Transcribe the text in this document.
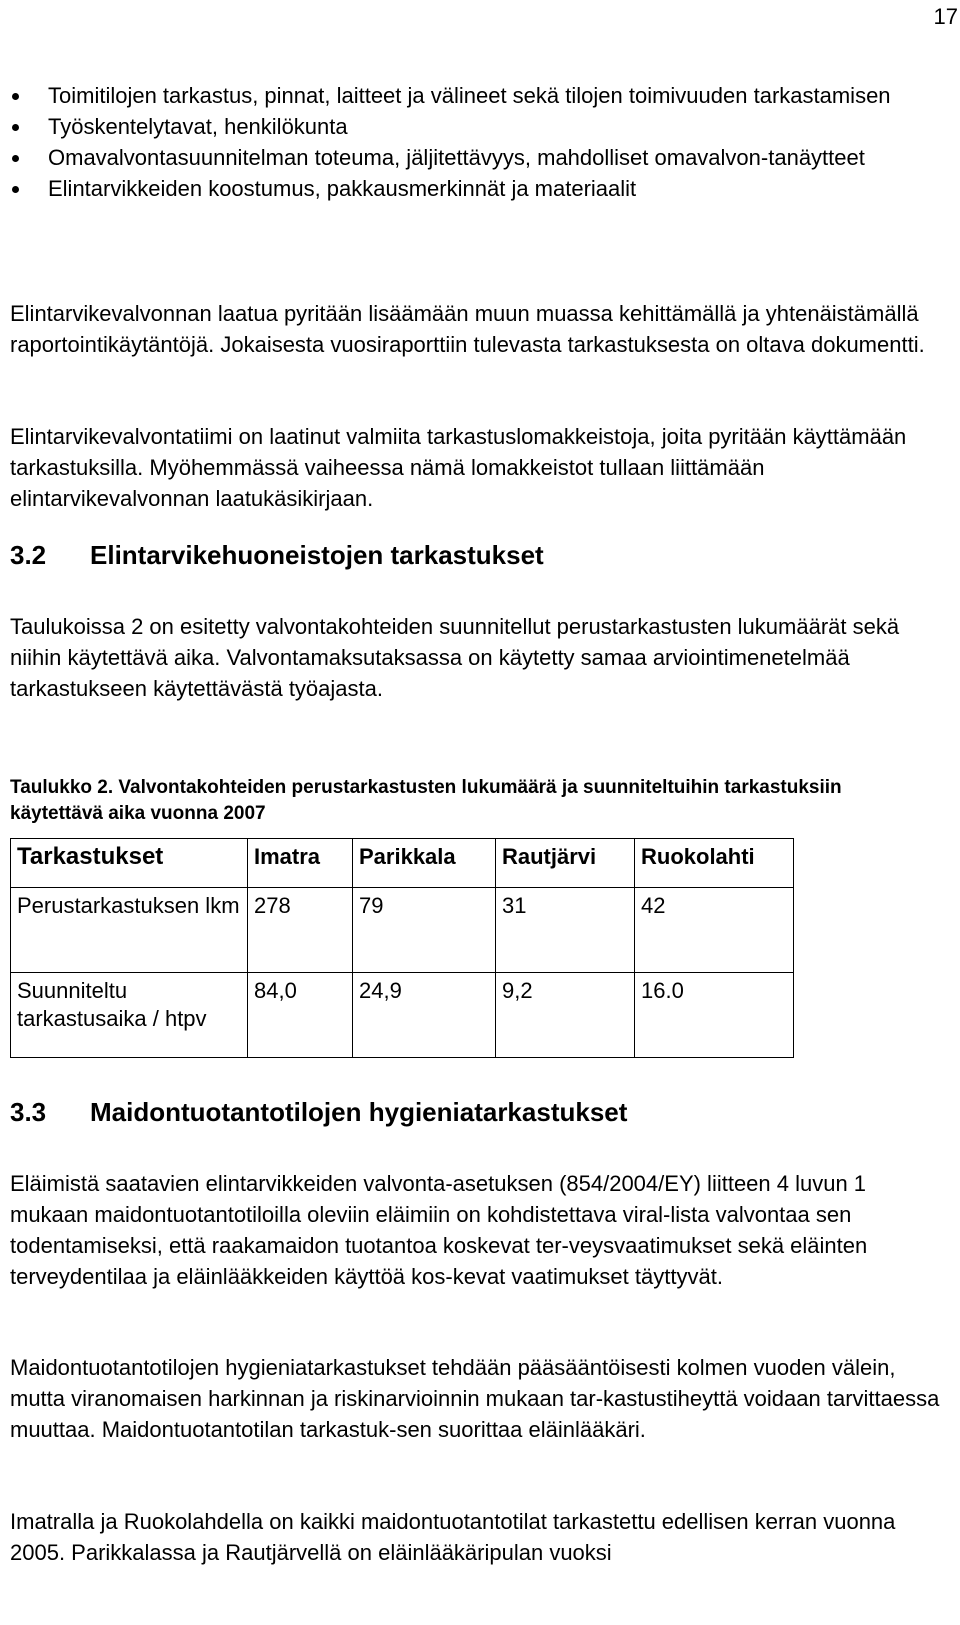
17
Toimitilojen tarkastus, pinnat, laitteet ja välineet sekä tilojen toimivuuden tarkastamisen
Työskentelytavat, henkilökunta
Omavalvontasuunnitelman toteuma, jäljitettävyys, mahdolliset omavalvon-tanäytteet
Elintarvikkeiden koostumus, pakkausmerkinnät ja materiaalit

Elintarvikevalvonnan laatua pyritään lisäämään muun muassa kehittämällä ja yhtenäistämällä raportointikäytäntöjä. Jokaisesta vuosiraporttiin tulevasta tarkastuksesta on oltava dokumentti.

Elintarvikevalvontatiimi on laatinut valmiita tarkastuslomakkeistoja, joita pyritään käyttämään tarkastuksilla. Myöhemmässä vaiheessa nämä lomakkeistot tullaan liittämään elintarvikevalvonnan laatukäsikirjaan.

3.2 Elintarvikehuoneistojen tarkastukset

Taulukoissa 2 on esitetty valvontakohteiden suunnitellut perustarkastusten lukumäärät sekä niihin käytettävä aika. Valvontamaksutaksassa on käytetty samaa arviointimenetelmää tarkastukseen käytettävästä työajasta.

Taulukko 2. Valvontakohteiden perustarkastusten lukumäärä ja suunniteltuihin tarkastuksiin käytettävä aika vuonna 2007

Tarkastukset	Imatra	Parikkala	Rautjärvi	Ruokolahti
Perustarkastuksen lkm	278	79	31	42
Suunniteltu tarkastusaika / htpv	84,0	24,9	9,2	16.0
3.3 Maidontuotantotilojen hygieniatarkastukset

Eläimistä saatavien elintarvikkeiden valvonta-asetuksen (854/2004/EY) liitteen 4 luvun 1 mukaan maidontuotantotiloilla oleviin eläimiin on kohdistettava viral-lista valvontaa sen todentamiseksi, että raakamaidon tuotantoa koskevat ter-veysvaatimukset sekä eläinten terveydentilaa ja eläinlääkkeiden käyttöä kos-kevat vaatimukset täyttyvät.

Maidontuotantotilojen hygieniatarkastukset tehdään pääsääntöisesti kolmen vuoden välein, mutta viranomaisen harkinnan ja riskinarvioinnin mukaan tar-kastustiheyttä voidaan tarvittaessa muuttaa. Maidontuotantotilan tarkastuk-sen suorittaa eläinlääkäri.

Imatralla ja Ruokolahdella on kaikki maidontuotantotilat tarkastettu edellisen kerran vuonna 2005. Parikkalassa ja Rautjärvellä on eläinlääkäripulan vuoksi
